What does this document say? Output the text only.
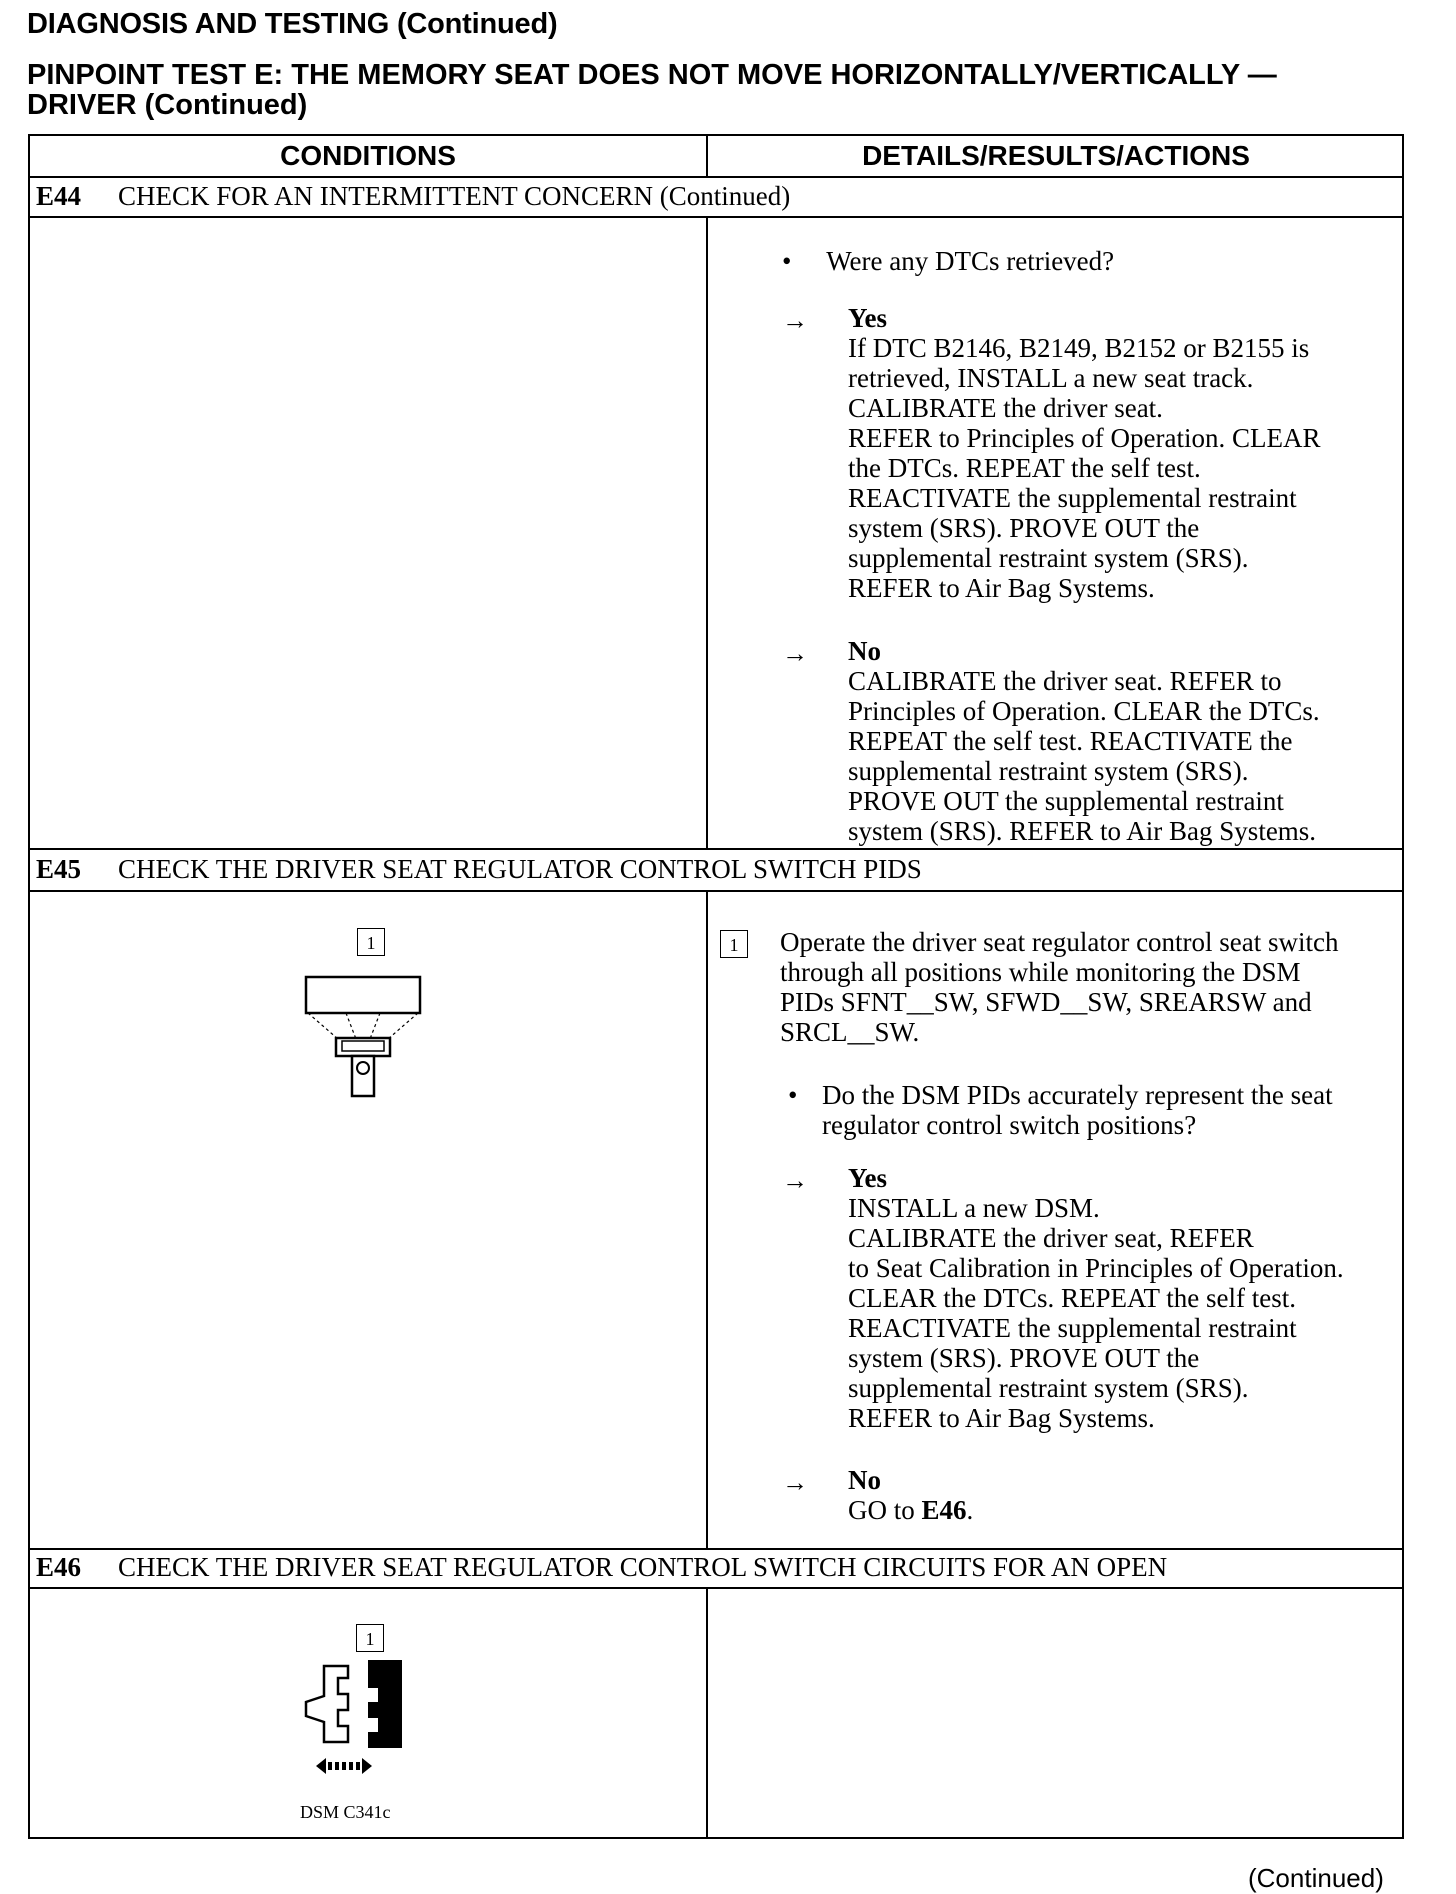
DIAGNOSIS AND TESTING (Continued)
PINPOINT TEST E: THE MEMORY SEAT DOES NOT MOVE HORIZONTALLY/VERTICALLY —
DRIVER (Continued)
CONDITIONS	DETAILS/RESULTS/ACTIONS
E44 CHECK FOR AN INTERMITTENT CONCERN (Continued)
• Were any DTCs retrieved?
→ Yes
If DTC B2146, B2149, B2152 or B2155 is
retrieved, INSTALL a new seat track.
CALIBRATE the driver seat.
REFER to Principles of Operation. CLEAR
the DTCs. REPEAT the self test.
REACTIVATE the supplemental restraint
system (SRS). PROVE OUT the
supplemental restraint system (SRS).
REFER to Air Bag Systems.
→ No
CALIBRATE the driver seat. REFER to
Principles of Operation. CLEAR the DTCs.
REPEAT the self test. REACTIVATE the
supplemental restraint system (SRS).
PROVE OUT the supplemental restraint
system (SRS). REFER to Air Bag Systems.
E45 CHECK THE DRIVER SEAT REGULATOR CONTROL SWITCH PIDS
1	1	Operate the driver seat regulator control seat switch
through all positions while monitoring the DSM
PIDs SFNT__SW, SFWD__SW, SREARSW and
SRCL__SW.
• Do the DSM PIDs accurately represent the seat
regulator control switch positions?
→ Yes
INSTALL a new DSM.
CALIBRATE the driver seat, REFER
to Seat Calibration in Principles of Operation.
CLEAR the DTCs. REPEAT the self test.
REACTIVATE the supplemental restraint
system (SRS). PROVE OUT the
supplemental restraint system (SRS).
REFER to Air Bag Systems.
→ No
GO to E46.
E46 CHECK THE DRIVER SEAT REGULATOR CONTROL SWITCH CIRCUITS FOR AN OPEN
1
DSM C341c
(Continued)
